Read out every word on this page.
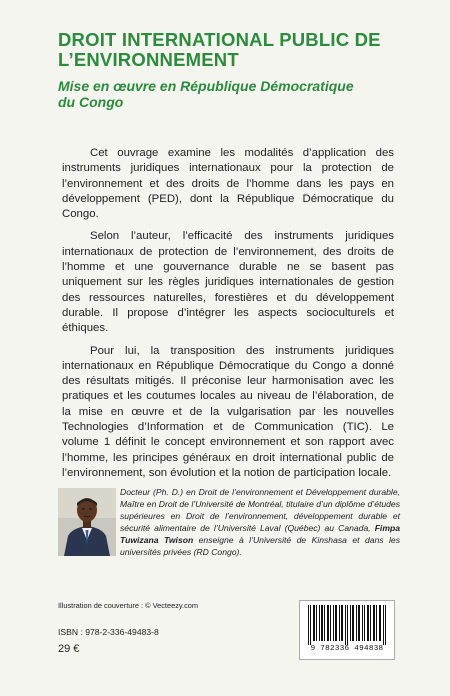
DROIT INTERNATIONAL PUBLIC DE L’ENVIRONNEMENT
Mise en œuvre en République Démocratique du Congo

Cet ouvrage examine les modalités d’application des instruments juridiques internationaux pour la protection de l’environnement et des droits de l’homme dans les pays en développement (PED), dont la République Démocratique du Congo.

Selon l’auteur, l’efficacité des instruments juridiques internationaux de protection de l’environnement, des droits de l’homme et une gouvernance durable ne se basent pas uniquement sur les règles juridiques internationales de gestion des ressources naturelles, forestières et du développement durable. Il propose d’intégrer les aspects socioculturels et éthiques.

Pour lui, la transposition des instruments juridiques internationaux en République Démocratique du Congo a donné des résultats mitigés. Il préconise leur harmonisation avec les pratiques et les coutumes locales au niveau de l’élaboration, de la mise en œuvre et de la vulgarisation par les nouvelles Technologies d’Information et de Communication (TIC). Le volume 1 définit le concept environnement et son rapport avec l’homme, les principes généraux en droit international public de l’environnement, son évolution et la notion de participation locale.

Docteur (Ph. D.) en Droit de l’environnement et Développement durable, Maître en Droit de l’Université de Montréal, titulaire d’un diplôme d’études supérieures en Droit de l’environnement, développement durable et sécurité alimentaire de l’Université Laval (Québec) au Canada, Fimpa Tuwizana Twison enseigne à l’Université de Kinshasa et dans les universités privées (RD Congo).
Illustration de couverture : © Vecteezy.com
ISBN : 978-2-336-49483-8
29 €	9 782336 494838
